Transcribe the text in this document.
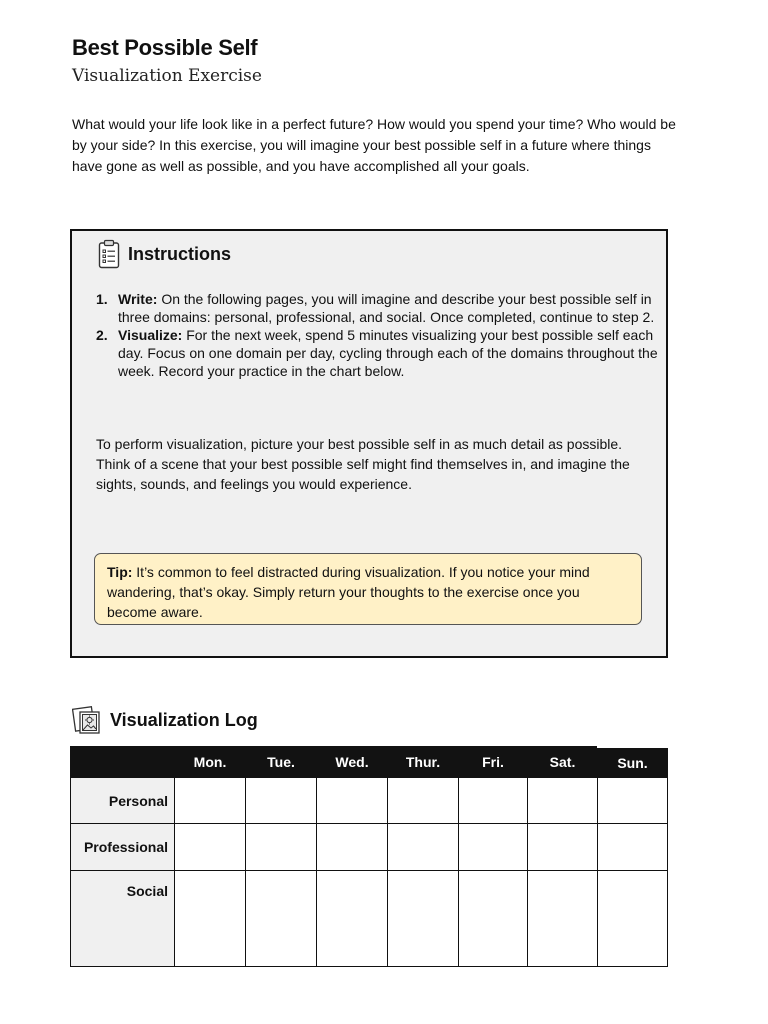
Best Possible Self
Visualization Exercise

What would your life look like in a perfect future? How would you spend your time? Who would be by your side? In this exercise, you will imagine your best possible self in a future where things have gone as well as possible, and you have accomplished all your goals.

Instructions
1. Write: On the following pages, you will imagine and describe your best possible self in three domains: personal, professional, and social. Once completed, continue to step 2.
2. Visualize: For the next week, spend 5 minutes visualizing your best possible self each day. Focus on one domain per day, cycling through each of the domains throughout the week. Record your practice in the chart below.

To perform visualization, picture your best possible self in as much detail as possible. Think of a scene that your best possible self might find themselves in, and imagine the sights, sounds, and feelings you would experience.

Tip: It’s common to feel distracted during visualization. If you notice your mind wandering, that’s okay. Simply return your thoughts to the exercise once you become aware.
Visualization Log
	Mon.	Tue.	Wed.	Thur.	Fri.	Sat.	Sun.
Personal							
Professional							
Social							
